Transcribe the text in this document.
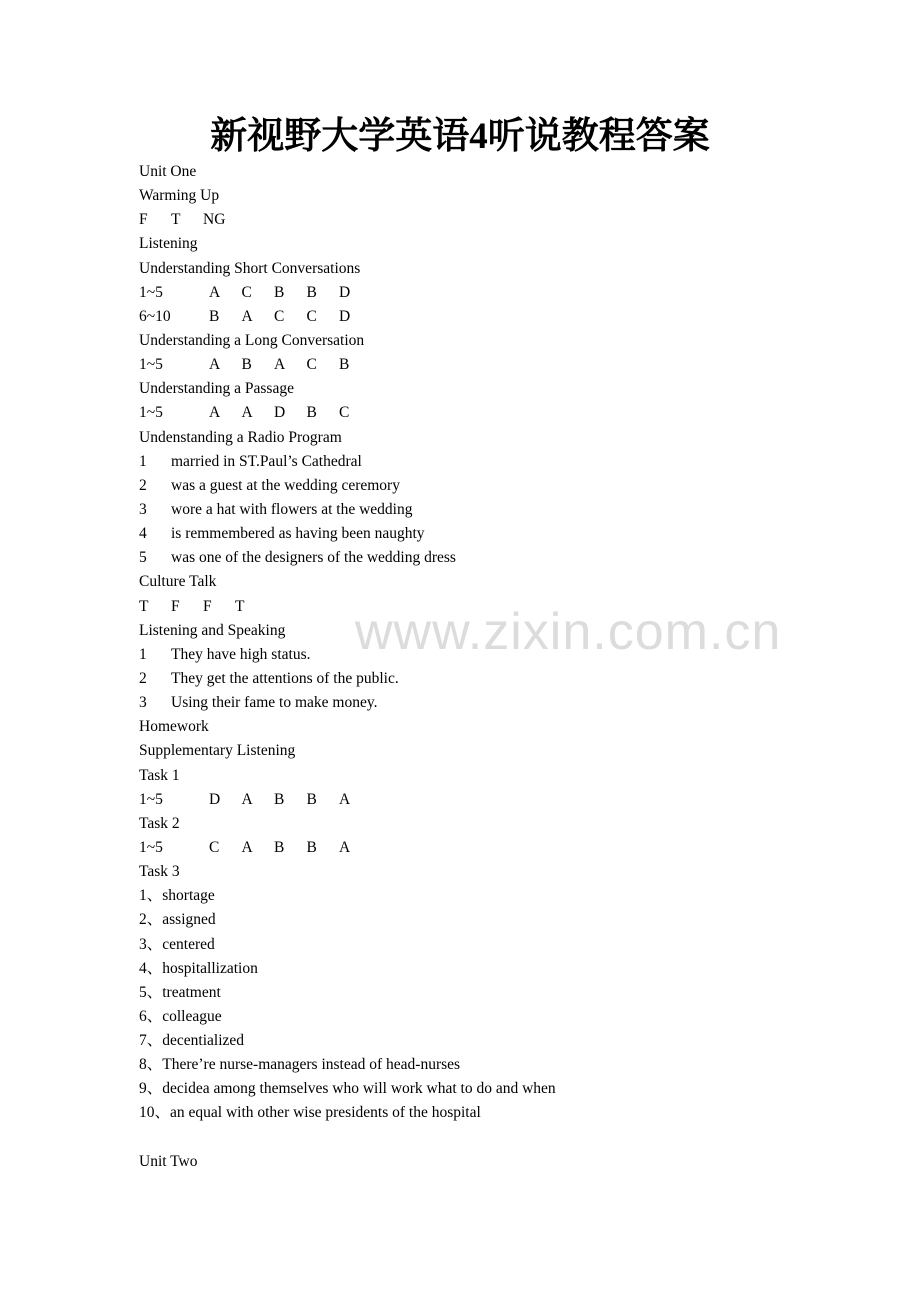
新视野大学英语4听说教程答案
Unit One
Warming Up
F	T	NG
Listening
Understanding Short Conversations
1~5	A	C	B	B	D
6~10	B	A	C	C	D
Understanding a Long Conversation
1~5	A	B	A	C	B
Understanding a Passage
1~5	A	A	D	B	C
Undenstanding a Radio Program
1	married in ST.Paul’s Cathedral
2	was a guest at the wedding ceremory
3	wore a hat with flowers at the wedding
4	is remmembered as having been naughty
5	was one of the designers of the wedding dress
Culture Talk
T	F	F	T
Listening and Speaking
1	They have high status.
2	They get the attentions of the public.
3	Using their fame to make money.
Homework
Supplementary Listening
Task 1
1~5	D	A	B	B	A
Task 2
1~5	C	A	B	B	A
Task 3
1、shortage
2、assigned
3、centered
4、hospitallization
5、treatment
6、colleague
7、decentialized
8、There’re nurse-managers instead of head-nurses
9、decidea among themselves who will work what to do and when
10、an equal with other wise presidents of the hospital
Unit Two
www.zixin.com.cn
